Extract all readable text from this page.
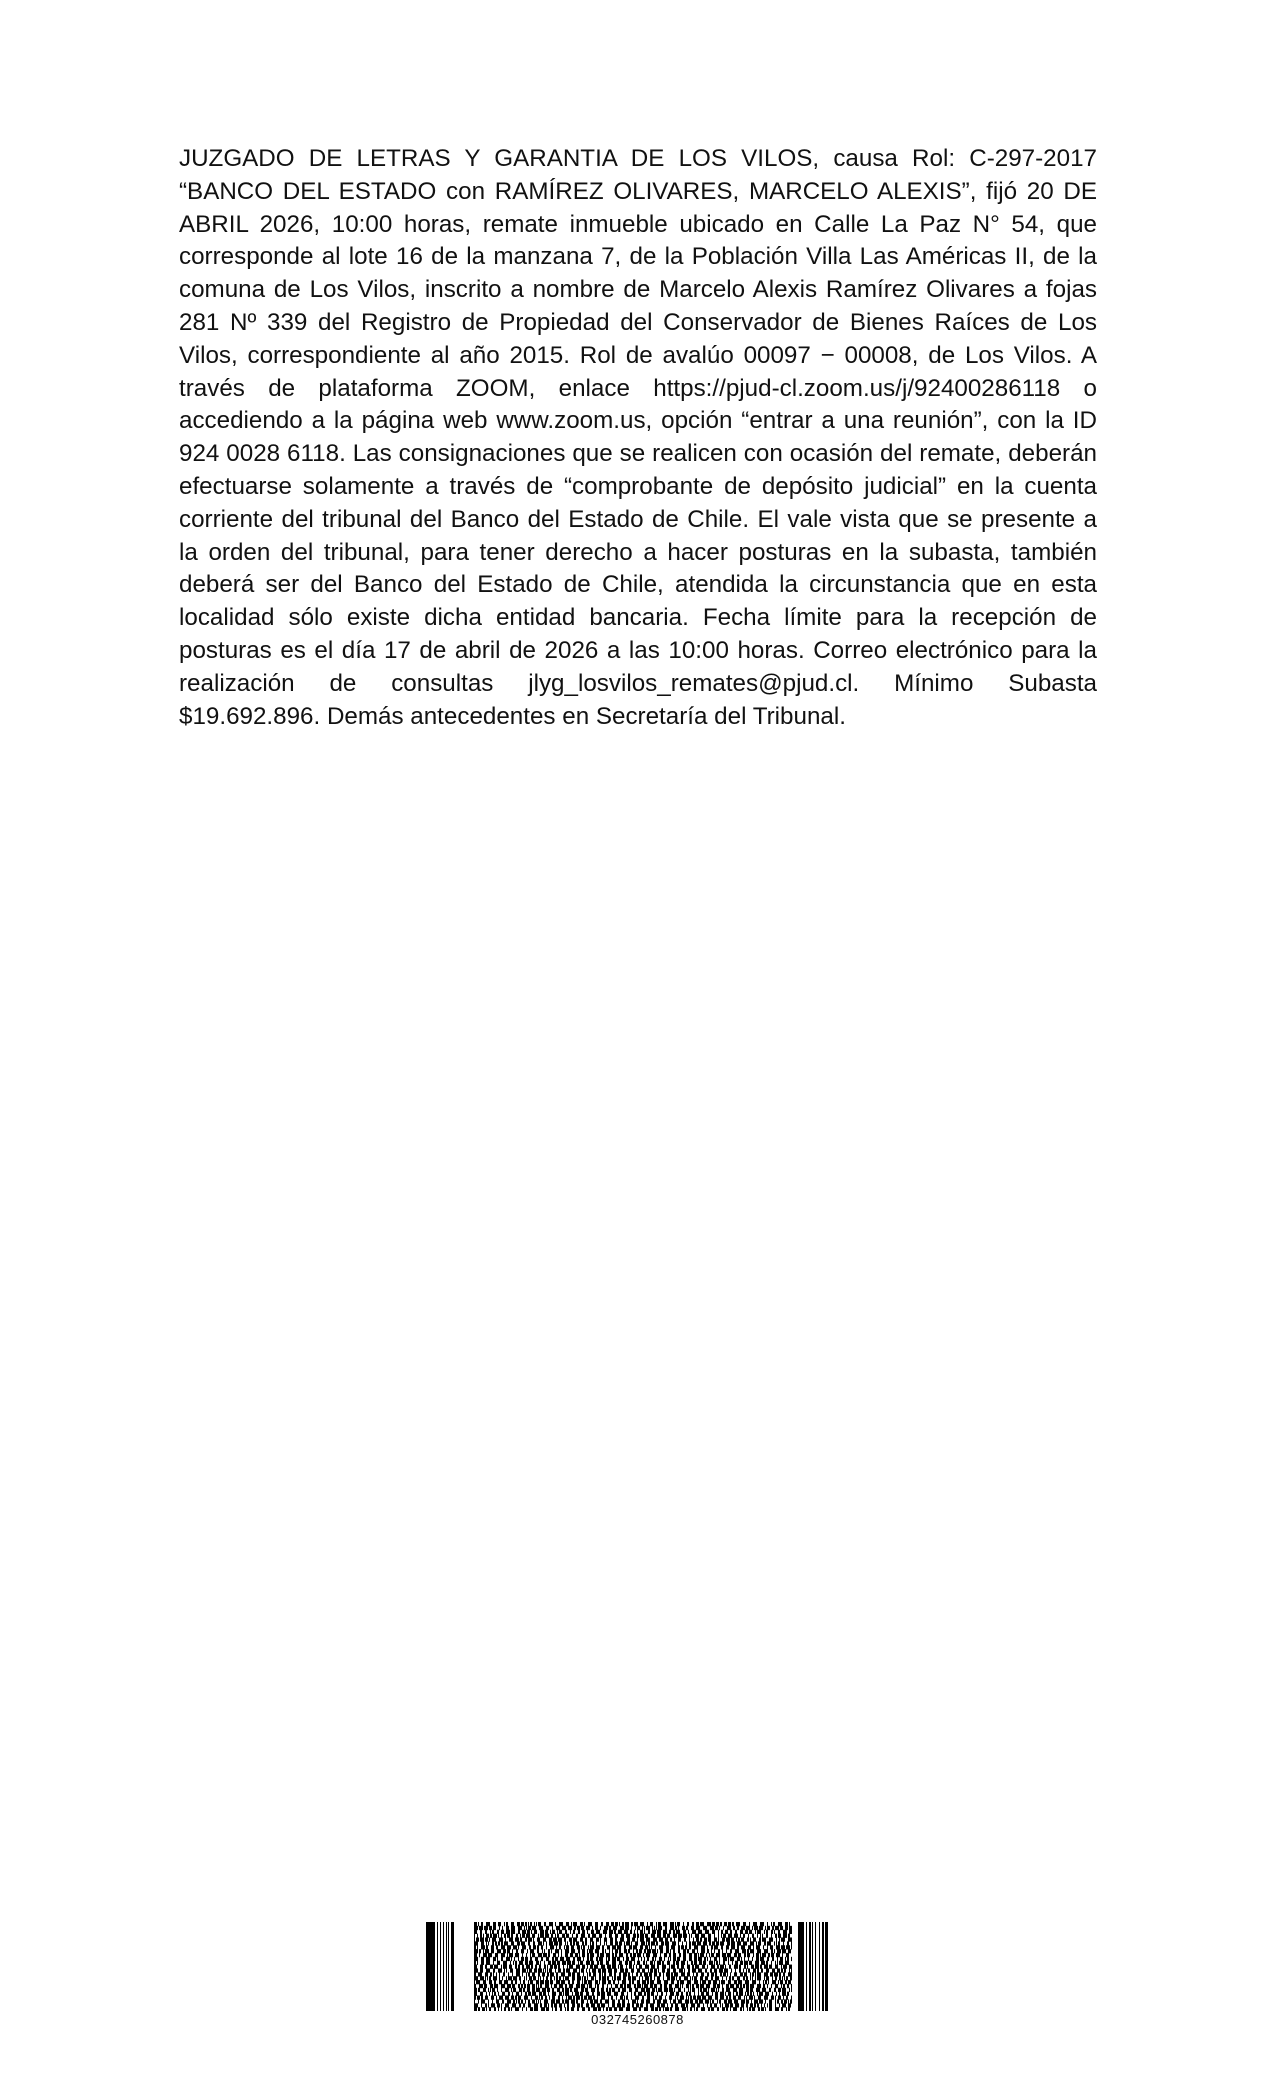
JUZGADO DE LETRAS Y GARANTIA DE LOS VILOS, causa Rol: C-297-2017 “BANCO DEL ESTADO con RAMÍREZ OLIVARES, MARCELO ALEXIS”, fijó 20 DE ABRIL 2026, 10:00 horas, remate inmueble ubicado en Calle La Paz N° 54, que corresponde al lote 16 de la manzana 7, de la Población Villa Las Américas II, de la comuna de Los Vilos, inscrito a nombre de Marcelo Alexis Ramírez Olivares a fojas 281 Nº 339 del Registro de Propiedad del Conservador de Bienes Raíces de Los Vilos, correspondiente al año 2015. Rol de avalúo 00097 − 00008, de Los Vilos. A través de plataforma ZOOM, enlace https://pjud-cl.zoom.us/j/92400286118 o accediendo a la página web www.zoom.us, opción “entrar a una reunión”, con la ID 924 0028 6118. Las consignaciones que se realicen con ocasión del remate, deberán efectuarse solamente a través de “comprobante de depósito judicial” en la cuenta corriente del tribunal del Banco del Estado de Chile. El vale vista que se presente a la orden del tribunal, para tener derecho a hacer posturas en la subasta, también deberá ser del Banco del Estado de Chile, atendida la circunstancia que en esta localidad sólo existe dicha entidad bancaria. Fecha límite para la recepción de posturas es el día 17 de abril de 2026 a las 10:00 horas. Correo electrónico para la realización de consultas jlyg_losvilos_remates@pjud.cl. Mínimo Subasta $19.692.896. Demás antecedentes en Secretaría del Tribunal.

032745260878
